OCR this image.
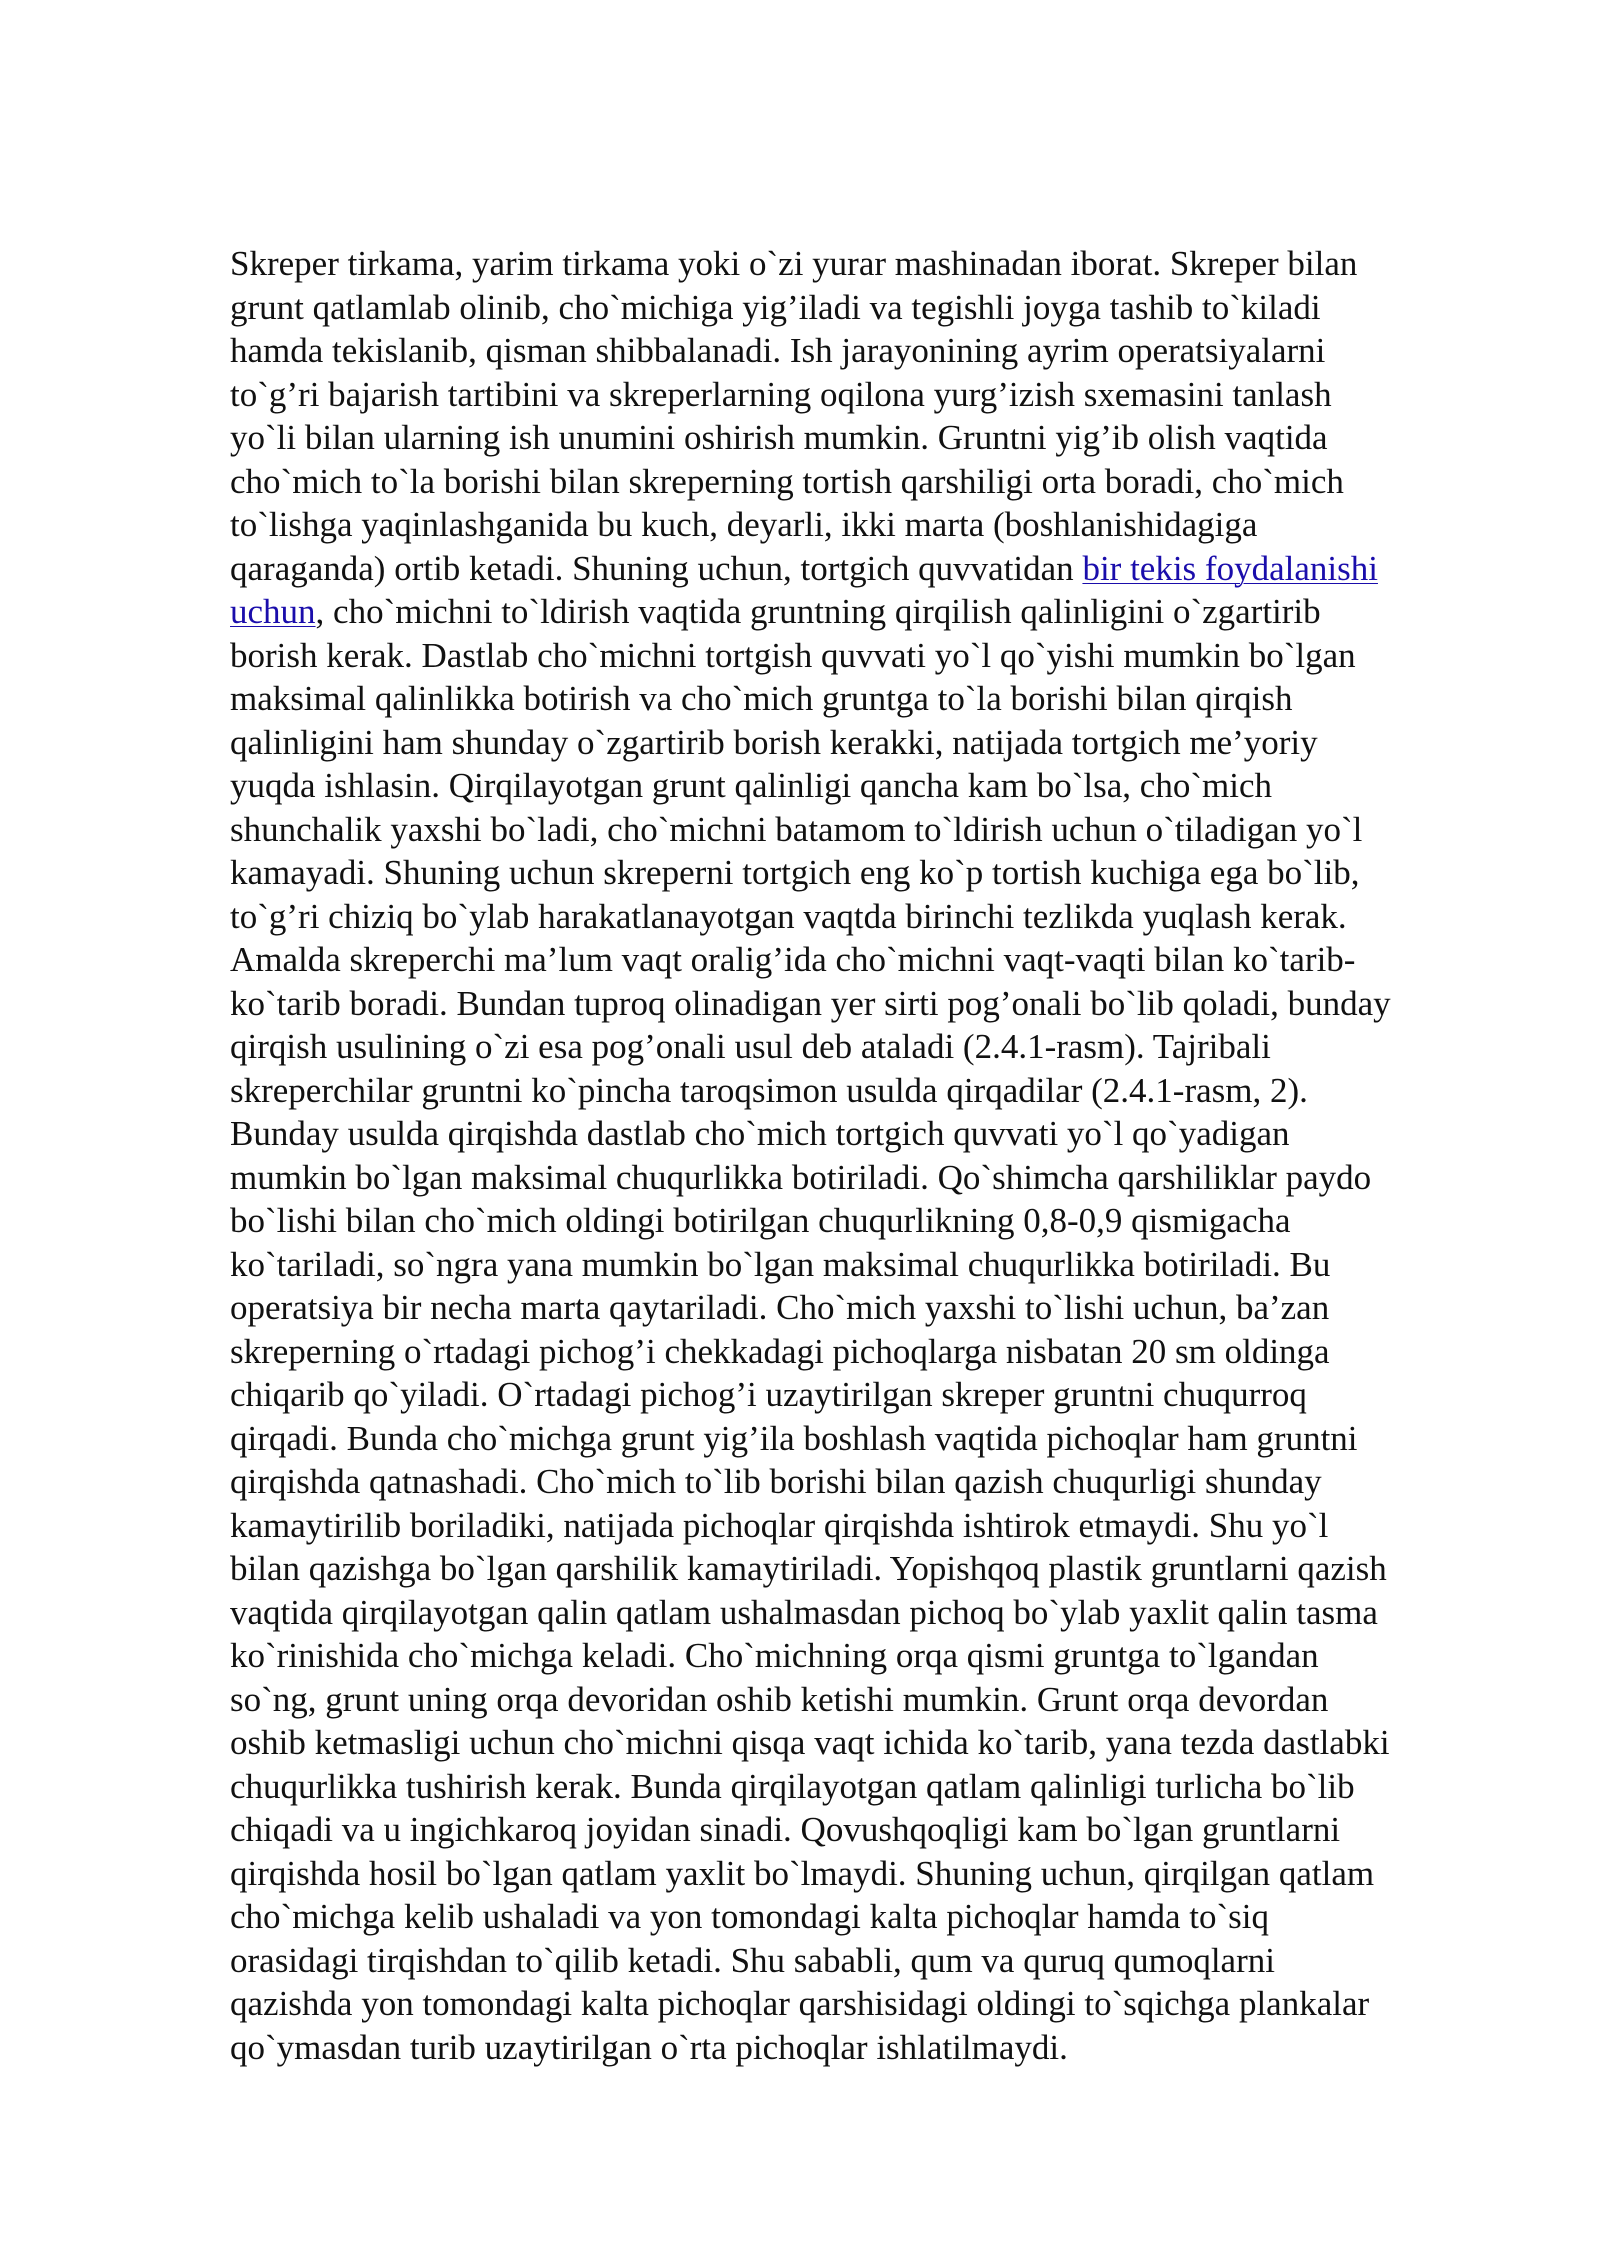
Skreper tirkama, yarim tirkama yoki o`zi yurar mashinadan iborat. Skreper bilan
grunt qatlamlab olinib, cho`michiga yig’iladi va tegishli joyga tashib to`kiladi
hamda tekislanib, qisman shibbalanadi. Ish jarayonining ayrim operatsiyalarni
to`g’ri bajarish tartibini va skreperlarning oqilona yurg’izish sxemasini tanlash
yo`li bilan ularning ish unumini oshirish mumkin. Gruntni yig’ib olish vaqtida
cho`mich to`la borishi bilan skreperning tortish qarshiligi orta boradi, cho`mich
to`lishga yaqinlashganida bu kuch, deyarli, ikki marta (boshlanishidagiga
qaraganda) ortib ketadi. Shuning uchun, tortgich quvvatidan bir tekis foydalanishi
uchun, cho`michni to`ldirish vaqtida gruntning qirqilish qalinligini o`zgartirib
borish kerak. Dastlab cho`michni tortgish quvvati yo`l qo`yishi mumkin bo`lgan
maksimal qalinlikka botirish va cho`mich gruntga to`la borishi bilan qirqish
qalinligini ham shunday o`zgartirib borish kerakki, natijada tortgich me’yoriy
yuqda ishlasin. Qirqilayotgan grunt qalinligi qancha kam bo`lsa, cho`mich
shunchalik yaxshi bo`ladi, cho`michni batamom to`ldirish uchun o`tiladigan yo`l
kamayadi. Shuning uchun skreperni tortgich eng ko`p tortish kuchiga ega bo`lib,
to`g’ri chiziq bo`ylab harakatlanayotgan vaqtda birinchi tezlikda yuqlash kerak.
Amalda skreperchi ma’lum vaqt oralig’ida cho`michni vaqt-vaqti bilan ko`tarib-
ko`tarib boradi. Bundan tuproq olinadigan yer sirti pog’onali bo`lib qoladi, bunday
qirqish usulining o`zi esa pog’onali usul deb ataladi (2.4.1-rasm). Tajribali
skreperchilar gruntni ko`pincha taroqsimon usulda qirqadilar (2.4.1-rasm, 2).
Bunday usulda qirqishda dastlab cho`mich tortgich quvvati yo`l qo`yadigan
mumkin bo`lgan maksimal chuqurlikka botiriladi. Qo`shimcha qarshiliklar paydo
bo`lishi bilan cho`mich oldingi botirilgan chuqurlikning 0,8-0,9 qismigacha
ko`tariladi, so`ngra yana mumkin bo`lgan maksimal chuqurlikka botiriladi. Bu
operatsiya bir necha marta qaytariladi. Cho`mich yaxshi to`lishi uchun, ba’zan
skreperning o`rtadagi pichog’i chekkadagi pichoqlarga nisbatan 20 sm oldinga
chiqarib qo`yiladi. O`rtadagi pichog’i uzaytirilgan skreper gruntni chuqurroq
qirqadi. Bunda cho`michga grunt yig’ila boshlash vaqtida pichoqlar ham gruntni
qirqishda qatnashadi. Cho`mich to`lib borishi bilan qazish chuqurligi shunday
kamaytirilib boriladiki, natijada pichoqlar qirqishda ishtirok etmaydi. Shu yo`l
bilan qazishga bo`lgan qarshilik kamaytiriladi. Yopishqoq plastik gruntlarni qazish
vaqtida qirqilayotgan qalin qatlam ushalmasdan pichoq bo`ylab yaxlit qalin tasma
ko`rinishida cho`michga keladi. Cho`michning orqa qismi gruntga to`lgandan
so`ng, grunt uning orqa devoridan oshib ketishi mumkin. Grunt orqa devordan
oshib ketmasligi uchun cho`michni qisqa vaqt ichida ko`tarib, yana tezda dastlabki
chuqurlikka tushirish kerak. Bunda qirqilayotgan qatlam qalinligi turlicha bo`lib
chiqadi va u ingichkaroq joyidan sinadi. Qovushqoqligi kam bo`lgan gruntlarni
qirqishda hosil bo`lgan qatlam yaxlit bo`lmaydi. Shuning uchun, qirqilgan qatlam
cho`michga kelib ushaladi va yon tomondagi kalta pichoqlar hamda to`siq
orasidagi tirqishdan to`qilib ketadi. Shu sababli, qum va quruq qumoqlarni
qazishda yon tomondagi kalta pichoqlar qarshisidagi oldingi to`sqichga plankalar
qo`ymasdan turib uzaytirilgan o`rta pichoqlar ishlatilmaydi.
